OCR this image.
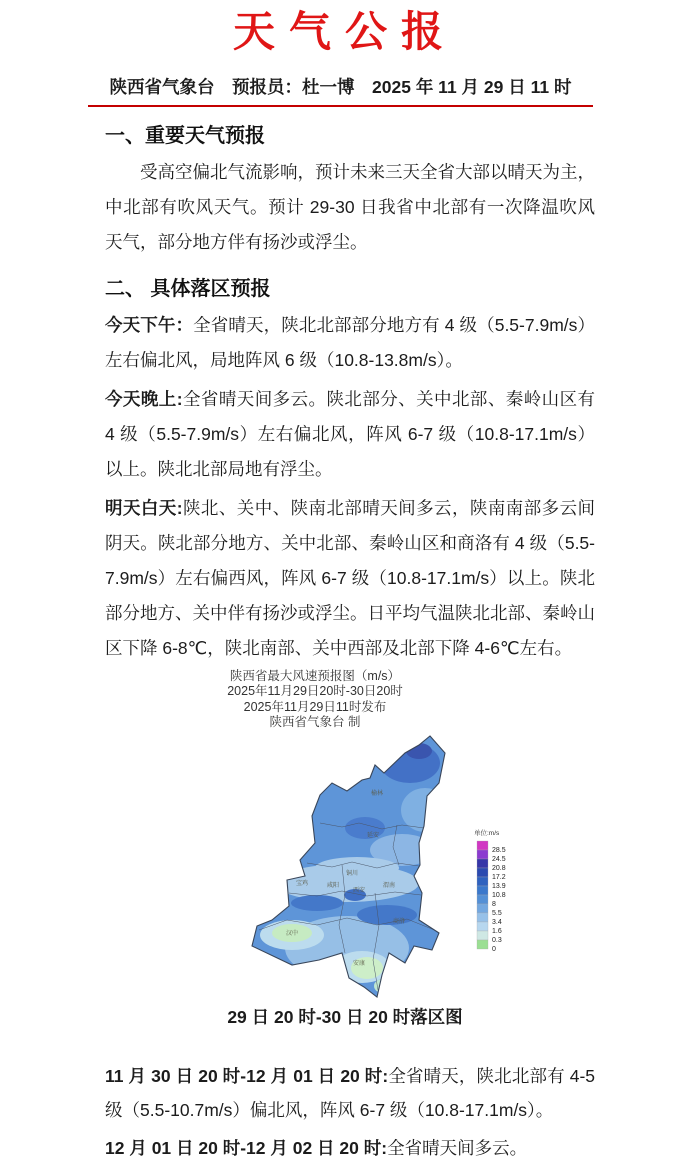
天气公报
陕西省气象台　预报员：杜一博　2025 年 11 月 29 日 11 时
一、重要天气预报

受高空偏北气流影响，预计未来三天全省大部以晴天为主，中北部有吹风天气。预计 29-30 日我省中北部有一次降温吹风天气，部分地方伴有扬沙或浮尘。

二、 具体落区预报

今天下午：全省晴天，陕北北部部分地方有 4 级（5.5-7.9m/s）左右偏北风，局地阵风 6 级（10.8-13.8m/s）。

今天晚上:全省晴天间多云。陕北部分、关中北部、秦岭山区有 4 级（5.5-7.9m/s）左右偏北风，阵风 6-7 级（10.8-17.1m/s）以上。陕北北部局地有浮尘。

明天白天:陕北、关中、陕南北部晴天间多云，陕南南部多云间阴天。陕北部分地方、关中北部、秦岭山区和商洛有 4 级（5.5-7.9m/s）左右偏西风，阵风 6-7 级（10.8-17.1m/s）以上。陕北部分地方、关中伴有扬沙或浮尘。日平均气温陕北北部、秦岭山区下降 6-8℃，陕北南部、关中西部及北部下降 4-6℃左右。

陕西省最大风速预报图（m/s）
2025年11月29日20时-30日20时
2025年11月29日11时发布
陕西省气象台 制
榆林
延安
铜川
咸阳
西安
渭南
宝鸡
商洛
汉中
安康
单位:m/s
28.5
24.5
20.8
17.2
13.9
10.8
8
5.5
3.4
1.6
0.3
0
29 日 20 时-30 日 20 时落区图

11 月 30 日 20 时-12 月 01 日 20 时:全省晴天，陕北北部有 4-5 级（5.5-10.7m/s）偏北风，阵风 6-7 级（10.8-17.1m/s）。

12 月 01 日 20 时-12 月 02 日 20 时:全省晴天间多云。
